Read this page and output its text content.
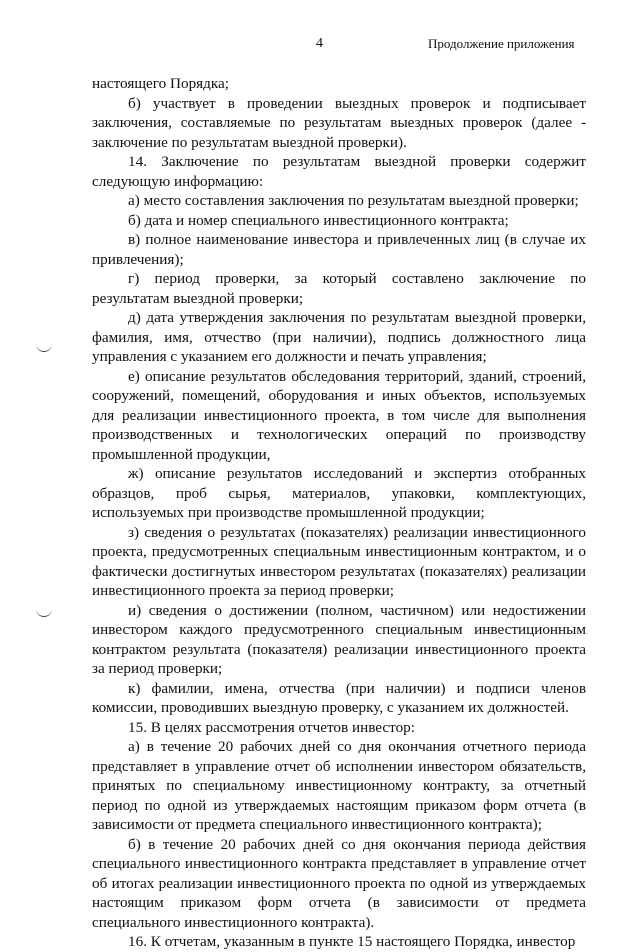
4	Продолжение приложения

настоящего Порядка;

б) участвует в проведении выездных проверок и подписывает заключения, составляемые по результатам выездных проверок (далее - заключение по результатам выездной проверки).

14. Заключение по результатам выездной проверки содержит следующую информацию:

а) место составления заключения по результатам выездной проверки;

б) дата и номер специального инвестиционного контракта;

в) полное наименование инвестора и привлеченных лиц (в случае их привлечения);

г) период проверки, за который составлено заключение по результатам выездной проверки;

д) дата утверждения заключения по результатам выездной проверки, фамилия, имя, отчество (при наличии), подпись должностного лица управления с указанием его должности и печать управления;

е) описание результатов обследования территорий, зданий, строений, сооружений, помещений, оборудования и иных объектов, используемых для реализации инвестиционного проекта, в том числе для выполнения производственных и технологических операций по производству промышленной продукции,

ж) описание результатов исследований и экспертиз отобранных образцов, проб сырья, материалов, упаковки, комплектующих, используемых при производстве промышленной продукции;

з) сведения о результатах (показателях) реализации инвестиционного проекта, предусмотренных специальным инвестиционным контрактом, и о фактически достигнутых инвестором результатах (показателях) реализации инвестиционного проекта за период проверки;

и) сведения о достижении (полном, частичном) или недостижении инвестором каждого предусмотренного специальным инвестиционным контрактом результата (показателя) реализации инвестиционного проекта за период проверки;

к) фамилии, имена, отчества (при наличии) и подписи членов комиссии, проводивших выездную проверку, с указанием их должностей.

15. В целях рассмотрения отчетов инвестор:

а) в течение 20 рабочих дней со дня окончания отчетного периода представляет в управление отчет об исполнении инвестором обязательств, принятых по специальному инвестиционному контракту, за отчетный период по одной из утверждаемых настоящим приказом форм отчета (в зависимости от предмета специального инвестиционного контракта);

б) в течение 20 рабочих дней со дня окончания периода действия специального инвестиционного контракта представляет в управление отчет об итогах реализации инвестиционного проекта по одной из утверждаемых настоящим приказом форм отчета (в зависимости от предмета специального инвестиционного контракта).

16. К отчетам, указанным в пункте 15 настоящего Порядка, инвестор
